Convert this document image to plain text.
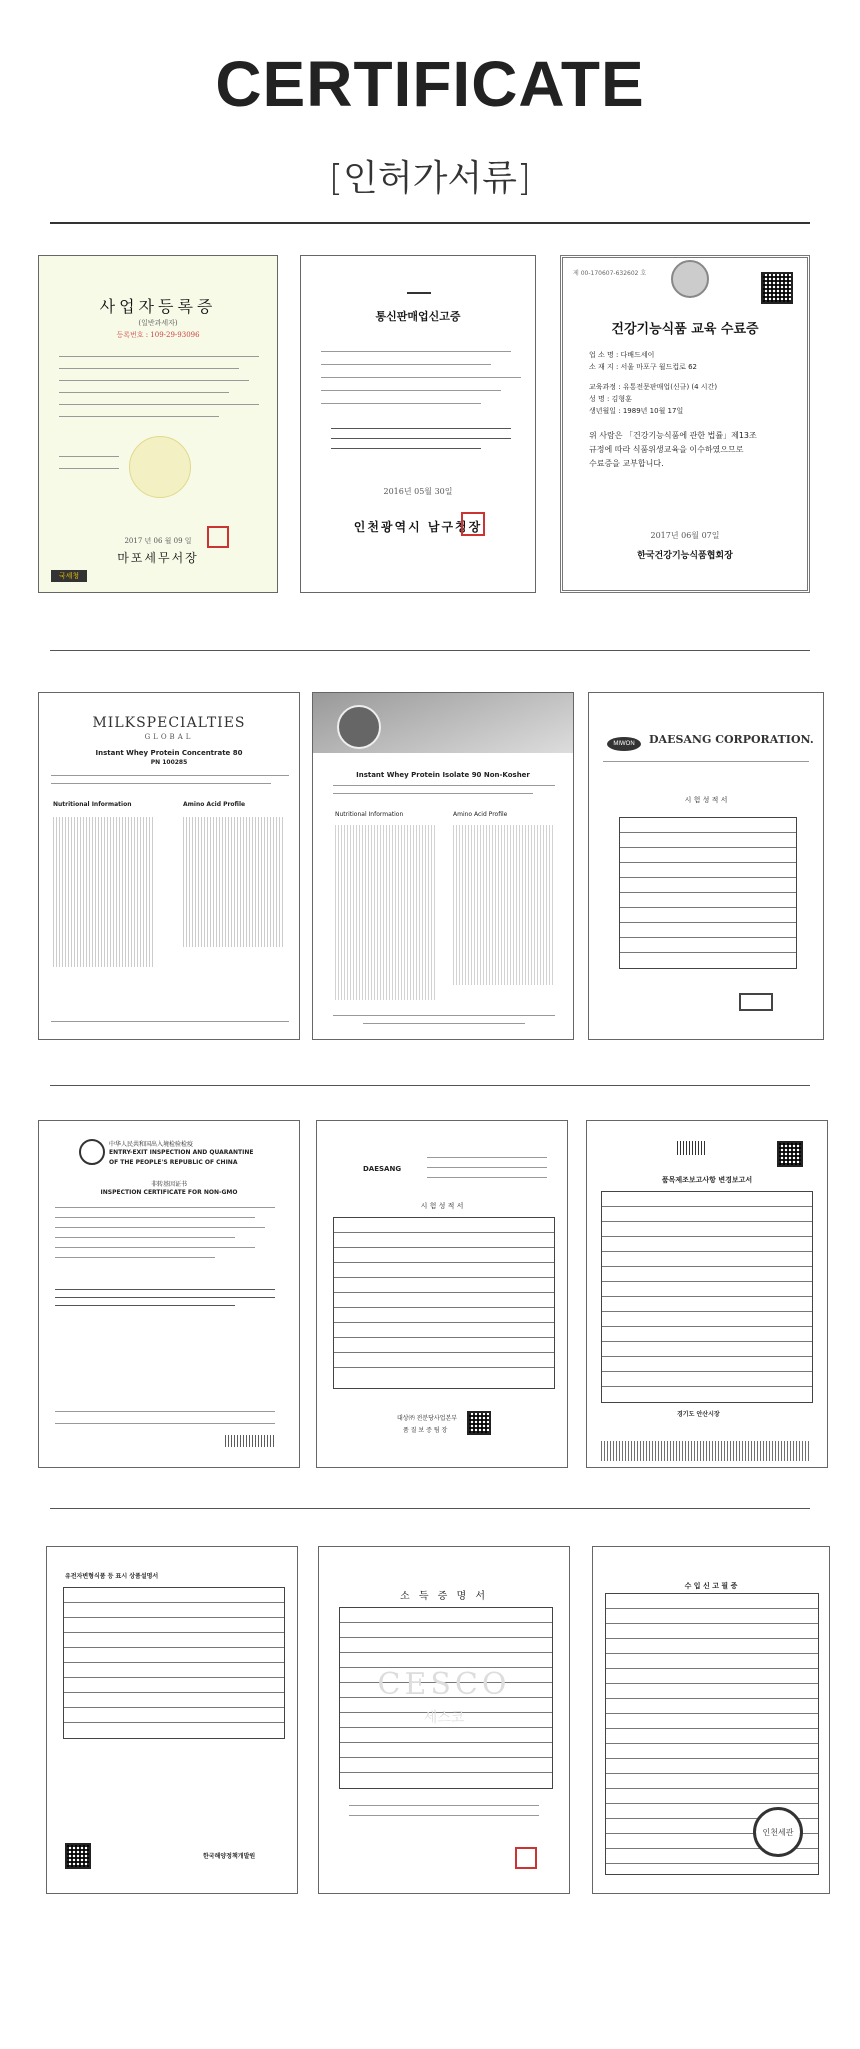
CERTIFICATE
[인허가서류]
사업자등록증
(일반과세자)
등록번호 : 109-29-93096
2017 년 06 월 09 일
마포세무서장
국세청
통신판매업신고증
2016년 05월 30일
인천광역시 남구청장
제 00-170607-632602 호
건강기능식품 교육 수료증
업 소 명 : 다배드세이
소 재 지 : 서울 마포구 월드컵로 62
교육과정 : 유통전문판매업(신규) (4 시간)
성 명 : 김형훈
생년월일 : 1989년 10월 17일
위 사람은 「건강기능식품에 관한 법률」제13조
규정에 따라 식품위생교육을 이수하였으므로
수료증을 교부합니다.
2017년 06월 07일
한국건강기능식품협회장
MILKSPECIALTIES
GLOBAL
Instant Whey Protein Concentrate 80
PN 100285
Nutritional Information	Amino Acid Profile
Instant Whey Protein Isolate 90 Non-Kosher
Nutritional Information	Amino Acid Profile
MIWON DAESANG CORPORATION.
시 험 성 적 서
中华人民共和国出入境检验检疫
ENTRY-EXIT INSPECTION AND QUARANTINE
OF THE PEOPLE'S REPUBLIC OF CHINA
非转基因证书
INSPECTION CERTIFICATE FOR NON-GMO
DAESANG
시 험 성 적 서
대상㈜ 전분당사업본부
품 질 보 증 팀 장
품목제조보고사항 변경보고서
경기도 안산시장
유전자변형식품 등 표시 상품설명서
한국해양정책개발원
소 득 증 명 서
CESCO
세스코
수 입 신 고 필 증
인천세관
